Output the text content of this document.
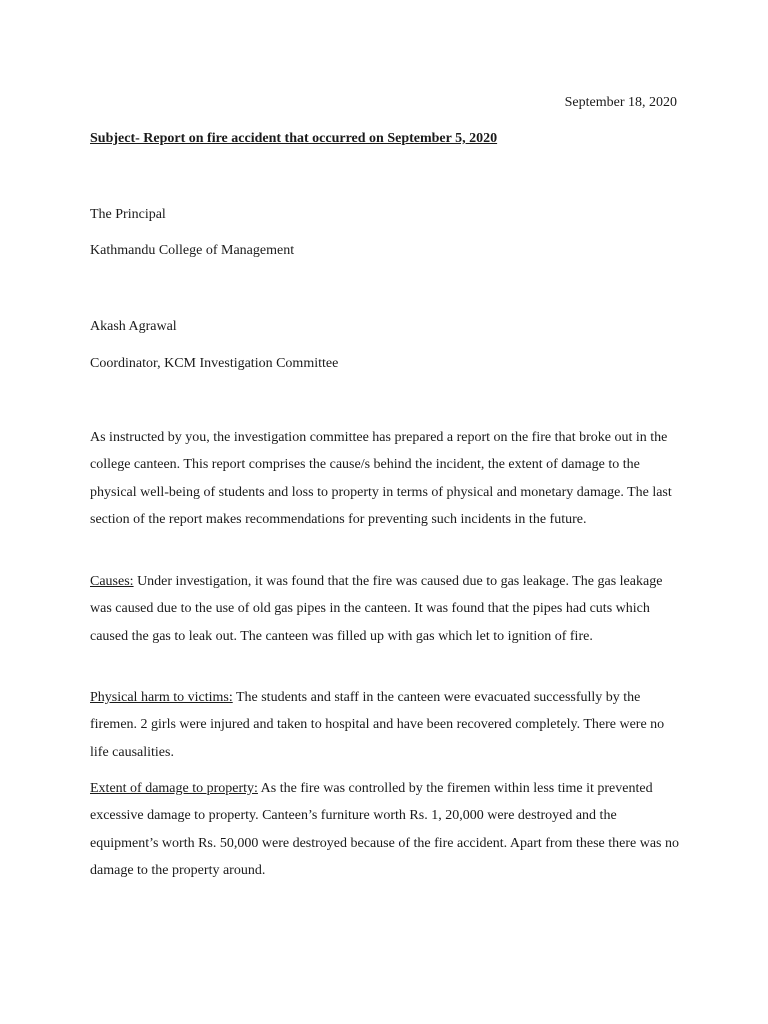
September 18, 2020
Subject- Report on fire accident that occurred on September 5, 2020
The Principal
Kathmandu College of Management
Akash Agrawal
Coordinator, KCM Investigation Committee

As instructed by you, the investigation committee has prepared a report on the fire that broke out in the college canteen. This report comprises the cause/s behind the incident, the extent of damage to the physical well-being of students and loss to property in terms of physical and monetary damage. The last section of the report makes recommendations for preventing such incidents in the future.

Causes: Under investigation, it was found that the fire was caused due to gas leakage. The gas leakage was caused due to the use of old gas pipes in the canteen. It was found that the pipes had cuts which caused the gas to leak out. The canteen was filled up with gas which let to ignition of fire.

Physical harm to victims: The students and staff in the canteen were evacuated successfully by the firemen. 2 girls were injured and taken to hospital and have been recovered completely. There were no life causalities.

Extent of damage to property: As the fire was controlled by the firemen within less time it prevented excessive damage to property. Canteen’s furniture worth Rs. 1, 20,000 were destroyed and the equipment’s worth Rs. 50,000 were destroyed because of the fire accident. Apart from these there was no damage to the property around.
